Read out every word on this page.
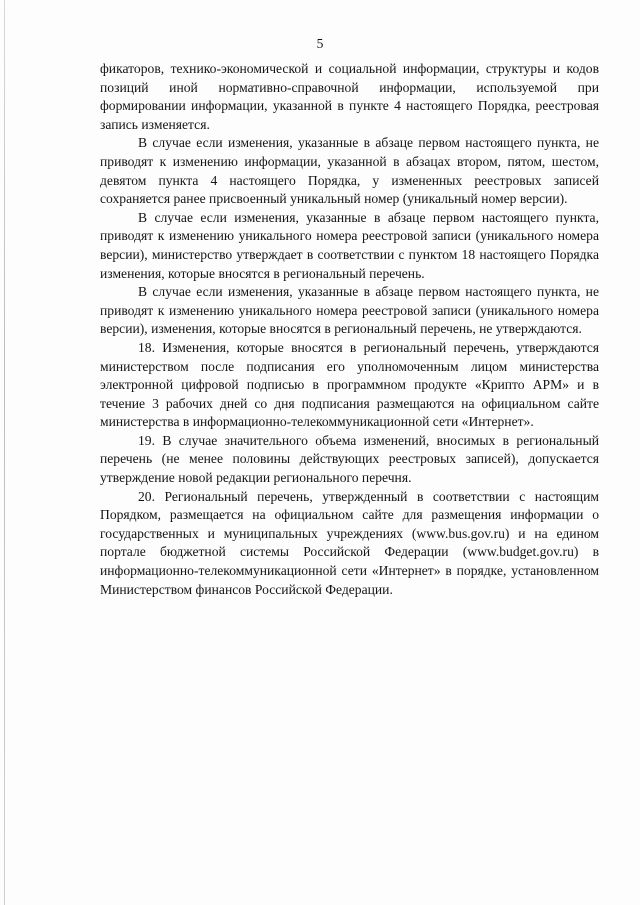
5

фикаторов, технико-экономической и социальной информации, структуры и кодов позиций иной нормативно-справочной информации, используемой при формировании информации, указанной в пункте 4 настоящего Порядка, реестровая запись изменяется.

В случае если изменения, указанные в абзаце первом настоящего пункта, не приводят к изменению информации, указанной в абзацах втором, пятом, шестом, девятом пункта 4 настоящего Порядка, у измененных реестровых записей сохраняется ранее присвоенный уникальный номер (уникальный номер версии).

В случае если изменения, указанные в абзаце первом настоящего пункта, приводят к изменению уникального номера реестровой записи (уникального номера версии), министерство утверждает в соответствии с пунктом 18 настоящего Порядка изменения, которые вносятся в региональный перечень.

В случае если изменения, указанные в абзаце первом настоящего пункта, не приводят к изменению уникального номера реестровой записи (уникального номера версии), изменения, которые вносятся в региональный перечень, не утверждаются.

18. Изменения, которые вносятся в региональный перечень, утверждаются министерством после подписания его уполномоченным лицом министерства электронной цифровой подписью в программном продукте «Крипто АРМ» и в течение 3 рабочих дней со дня подписания размещаются на официальном сайте министерства в информационно-телекоммуникационной сети «Интернет».

19. В случае значительного объема изменений, вносимых в региональный перечень (не менее половины действующих реестровых записей), допускается утверждение новой редакции регионального перечня.

20. Региональный перечень, утвержденный в соответствии с настоящим Порядком, размещается на официальном сайте для размещения информации о государственных и муниципальных учреждениях (www.bus.gov.ru) и на едином портале бюджетной системы Российской Федерации (www.budget.gov.ru) в информационно-телекоммуникационной сети «Интернет» в порядке, установленном Министерством финансов Российской Федерации.
